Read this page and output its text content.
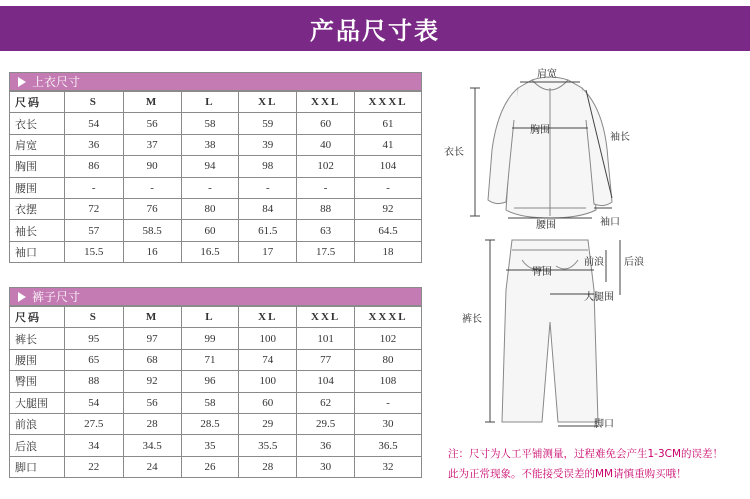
产品尺寸表
上衣尺寸
尺码	S	M	L	XL	XXL	XXXL
衣长	54	56	58	59	60	61
肩宽	36	37	38	39	40	41
胸围	86	90	94	98	102	104
腰围	-	-	-	-	-	-
衣摆	72	76	80	84	88	92
袖长	57	58.5	60	61.5	63	64.5
袖口	15.5	16	16.5	17	17.5	18
裤子尺寸
尺码	S	M	L	XL	XXL	XXXL
裤长	95	97	99	100	101	102
腰围	65	68	71	74	77	80
臀围	88	92	96	100	104	108
大腿围	54	56	58	60	62	-
前浪	27.5	28	28.5	29	29.5	30
后浪	34	34.5	35	35.5	36	36.5
脚口	22	24	26	28	30	32
肩宽
胸围
衣长
袖长
袖口
腰围
臀围
前浪 后浪
大腿围
裤长
脚口
注：尺寸为人工平铺测量，过程难免会产生1-3CM的误差！
此为正常现象。不能接受误差的MM请慎重购买哦！
